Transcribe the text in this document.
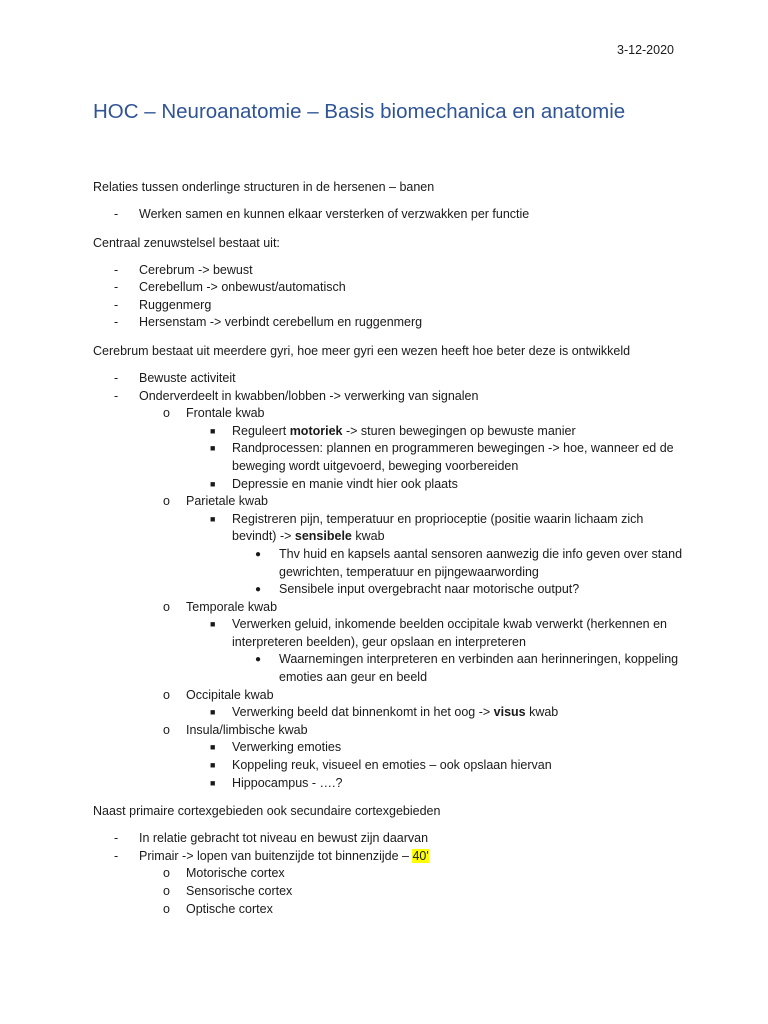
3-12-2020
HOC – Neuroanatomie – Basis biomechanica en anatomie

Relaties tussen onderlinge structuren in de hersenen – banen

- Werken samen en kunnen elkaar versterken of verzwakken per functie

Centraal zenuwstelsel bestaat uit:

- Cerebrum -> bewust
- Cerebellum -> onbewust/automatisch
- Ruggenmerg
- Hersenstam -> verbindt cerebellum en ruggenmerg

Cerebrum bestaat uit meerdere gyri, hoe meer gyri een wezen heeft hoe beter deze is ontwikkeld

- Bewuste activiteit
- Onderverdeelt in kwabben/lobben -> verwerking van signalen
o Frontale kwab
■ Reguleert motoriek -> sturen bewegingen op bewuste manier
■ Randprocessen: plannen en programmeren bewegingen -> hoe, wanneer ed de beweging wordt uitgevoerd, beweging voorbereiden
■ Depressie en manie vindt hier ook plaats
o Parietale kwab
■ Registreren pijn, temperatuur en proprioceptie (positie waarin lichaam zich bevindt) -> sensibele kwab
● Thv huid en kapsels aantal sensoren aanwezig die info geven over stand gewrichten, temperatuur en pijngewaarwording
● Sensibele input overgebracht naar motorische output?
o Temporale kwab
■ Verwerken geluid, inkomende beelden occipitale kwab verwerkt (herkennen en interpreteren beelden), geur opslaan en interpreteren
● Waarnemingen interpreteren en verbinden aan herinneringen, koppeling emoties aan geur en beeld
o Occipitale kwab
■ Verwerking beeld dat binnenkomt in het oog -> visus kwab
o Insula/limbische kwab
■ Verwerking emoties
■ Koppeling reuk, visueel en emoties – ook opslaan hiervan
■ Hippocampus - ….?

Naast primaire cortexgebieden ook secundaire cortexgebieden

- In relatie gebracht tot niveau en bewust zijn daarvan
- Primair -> lopen van buitenzijde tot binnenzijde – 40'
o Motorische cortex
o Sensorische cortex
o Optische cortex
